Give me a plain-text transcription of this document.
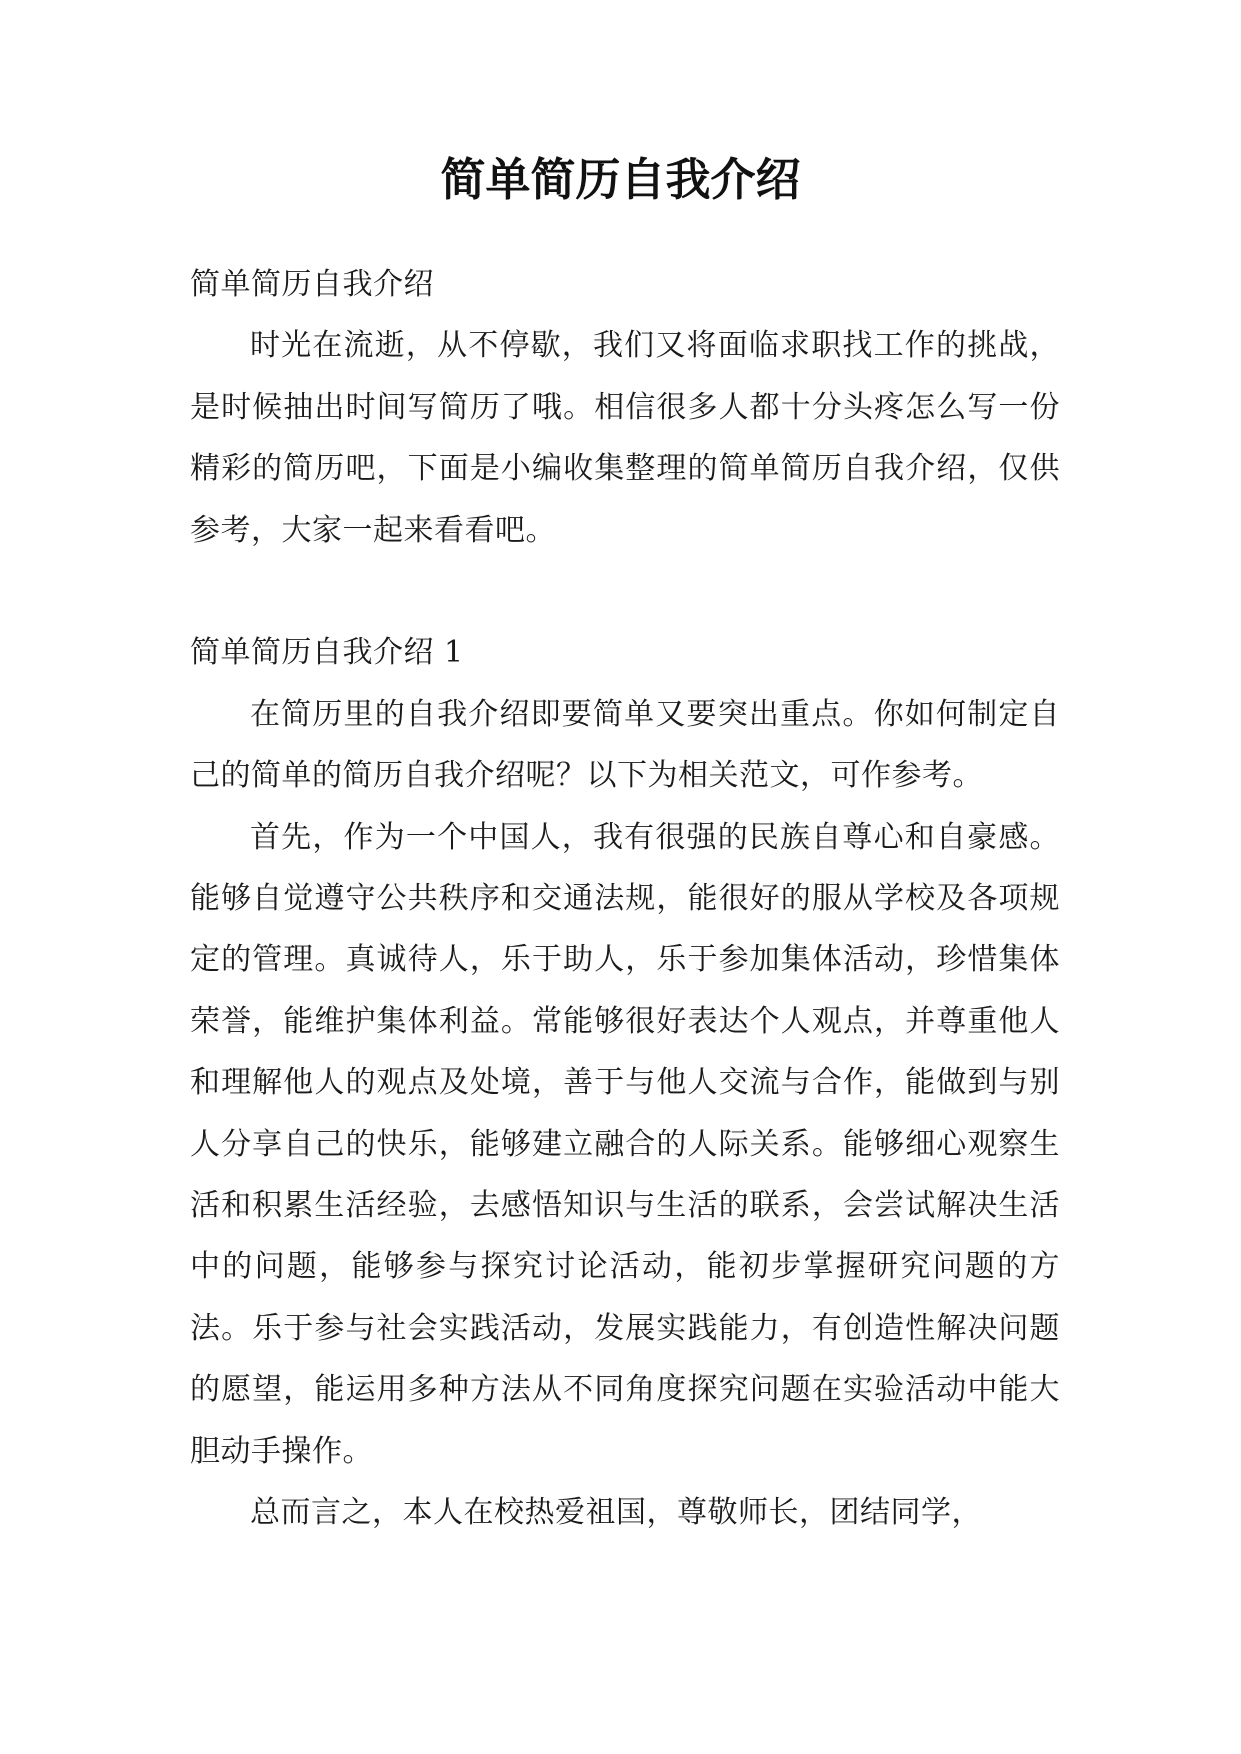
简单简历自我介绍

简单简历自我介绍

时光在流逝，从不停歇，我们又将面临求职找工作的挑战，是时候抽出时间写简历了哦。相信很多人都十分头疼怎么写一份精彩的简历吧，下面是小编收集整理的简单简历自我介绍，仅供参考，大家一起来看看吧。

简单简历自我介绍 1

在简历里的自我介绍即要简单又要突出重点。你如何制定自己的简单的简历自我介绍呢？以下为相关范文，可作参考。

首先，作为一个中国人，我有很强的民族自尊心和自豪感。能够自觉遵守公共秩序和交通法规，能很好的服从学校及各项规定的管理。真诚待人，乐于助人，乐于参加集体活动，珍惜集体荣誉，能维护集体利益。常能够很好表达个人观点，并尊重他人和理解他人的观点及处境，善于与他人交流与合作，能做到与别人分享自己的快乐，能够建立融合的人际关系。能够细心观察生活和积累生活经验，去感悟知识与生活的联系，会尝试解决生活中的问题，能够参与探究讨论活动，能初步掌握研究问题的方法。乐于参与社会实践活动，发展实践能力，有创造性解决问题的愿望，能运用多种方法从不同角度探究问题在实验活动中能大胆动手操作。

总而言之，本人在校热爱祖国，尊敬师长，团结同学，
